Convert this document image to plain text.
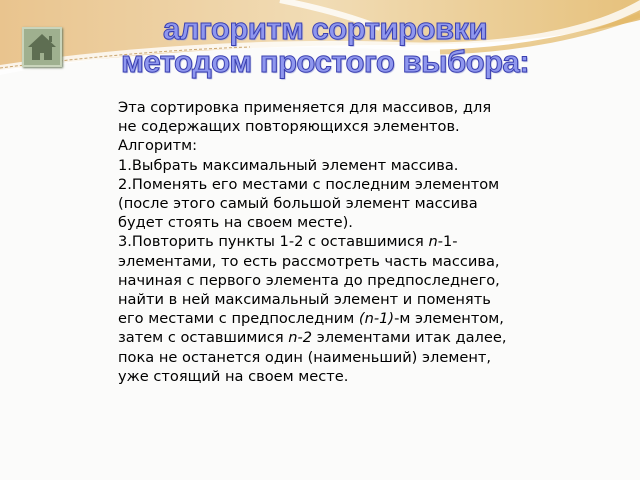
алгоритм сортировки
методом простого выбора:
Эта сортировка применяется для массивов, для
не содержащих повторяющихся элементов.
Алгоритм:
1.Выбрать максимальный элемент массива.
2.Поменять его местами с последним элементом
(после этого самый большой элемент массива
будет стоять на своем месте).
3.Повторить пункты 1-2 с оставшимися n-1-
элементами, то есть рассмотреть часть массива,
начиная с первого элемента до предпоследнего,
найти в ней максимальный элемент и поменять
его местами с предпоследним (n-1)-м элементом,
затем с оставшимися n-2 элементами итак далее,
пока не останется один (наименьший) элемент,
уже стоящий на своем месте.
